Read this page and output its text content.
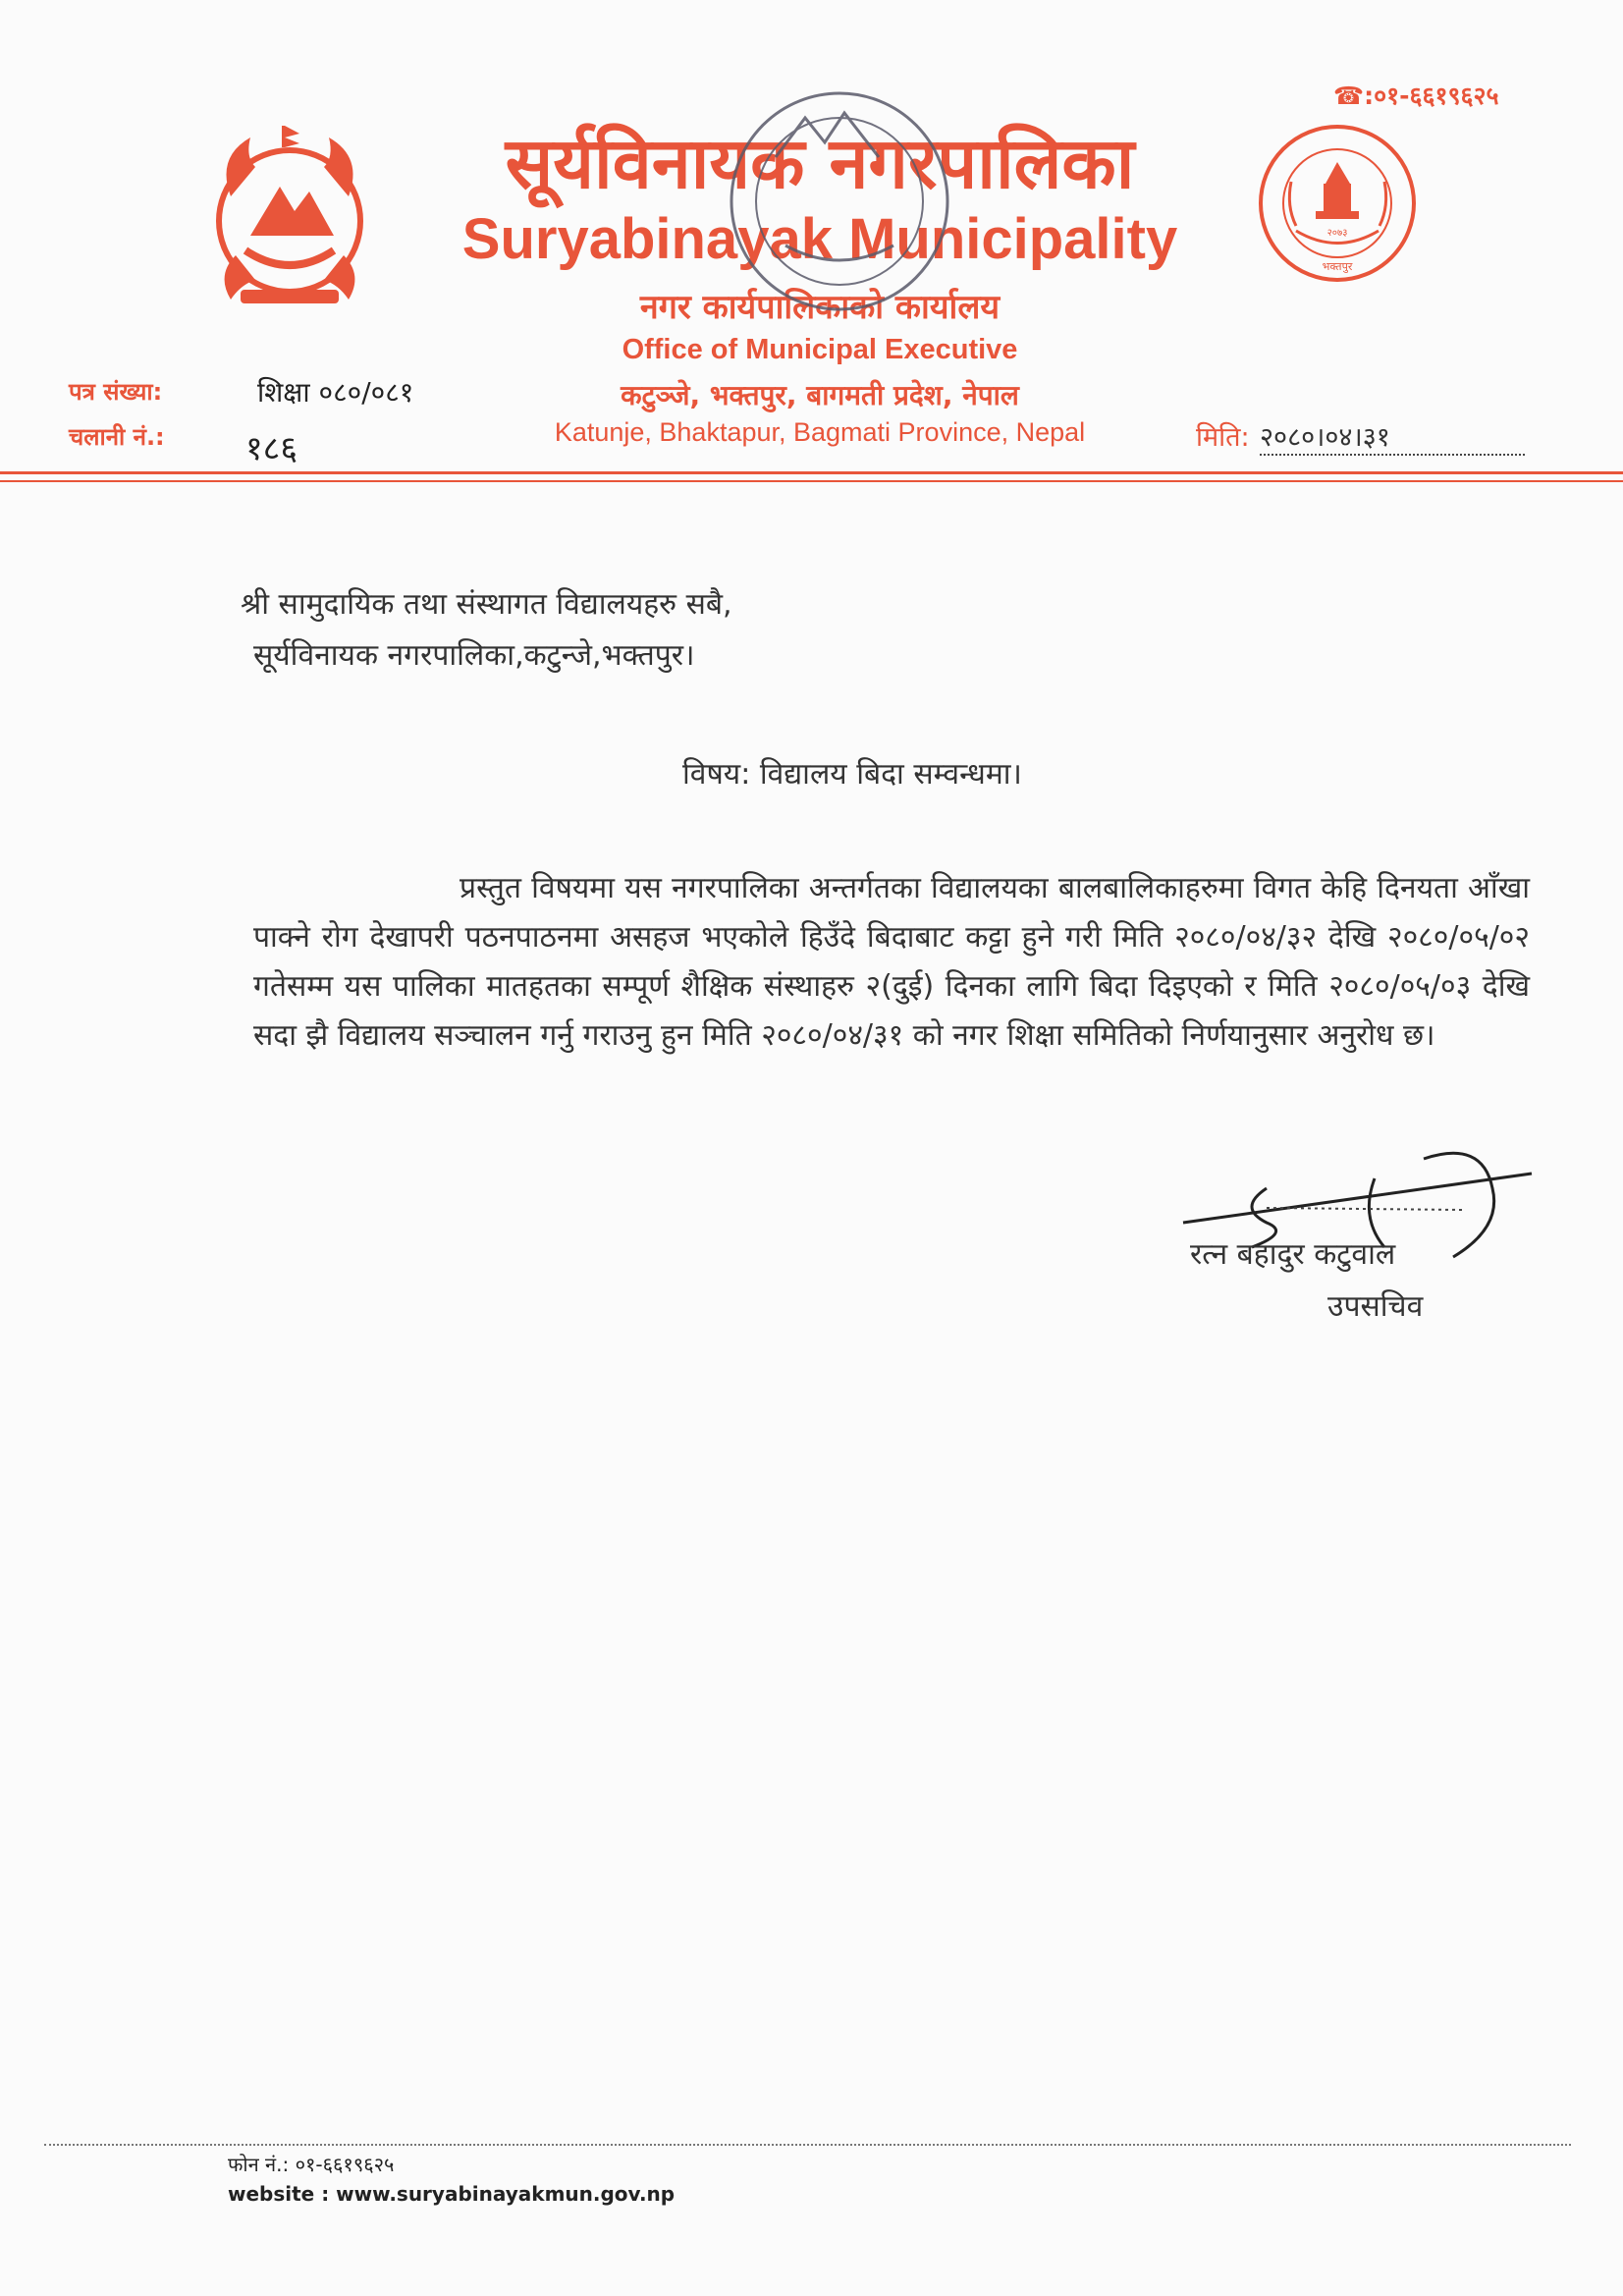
☎:०१-६६१९६२५
२०७३
भक्तपुर
सूर्यविनायक नगरपालिका
Suryabinayak Municipality
नगर कार्यपालिकाको कार्यालय
Office of Municipal Executive
कटुञ्जे, भक्तपुर, बागमती प्रदेश, नेपाल
Katunje, Bhaktapur, Bagmati Province, Nepal
पत्र संख्या:	शिक्षा ०८०/०८१
चलानी नं.: १८६	मिति: २०८०।०४।३१
श्री सामुदायिक तथा संस्थागत विद्यालयहरु सबै,
सूर्यविनायक नगरपालिका,कटुन्जे,भक्तपुर।
विषय: विद्यालय बिदा सम्वन्धमा।
प्रस्तुत विषयमा यस नगरपालिका अन्तर्गतका विद्यालयका बालबालिकाहरुमा विगत केहि दिनयता आँखा पाक्ने रोग देखापरी पठनपाठनमा असहज भएकोले हिउँदे बिदाबाट कट्टा हुने गरी मिति २०८०/०४/३२ देखि २०८०/०५/०२ गतेसम्म यस पालिका मातहतका सम्पूर्ण शैक्षिक संस्थाहरु २(दुई) दिनका लागि बिदा दिइएको र मिति २०८०/०५/०३ देखि सदा झै विद्यालय सञ्चालन गर्नु गराउनु हुन मिति २०८०/०४/३१ को नगर शिक्षा समितिको निर्णयानुसार अनुरोध छ।
रत्न बहादुर कटुवाल
उपसचिव
फोन नं.: ०१-६६१९६२५
website : www.suryabinayakmun.gov.np
